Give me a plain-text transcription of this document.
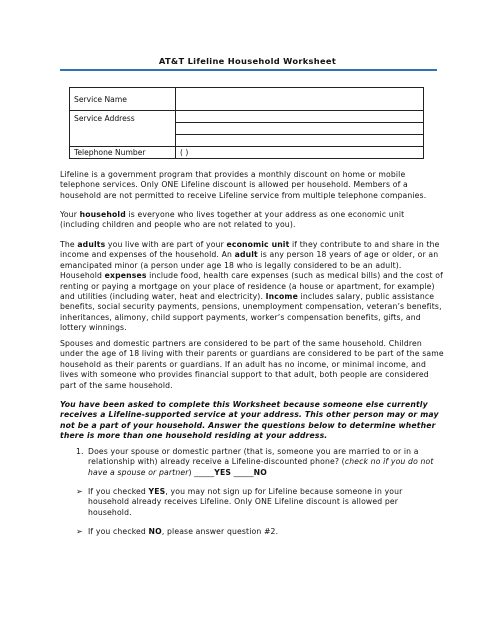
AT&T Lifeline Household Worksheet
Service Name	
Service Address	

Telephone Number	( )

Lifeline is a government program that provides a monthly discount on home or mobile telephone services. Only ONE Lifeline discount is allowed per household. Members of a household are not permitted to receive Lifeline service from multiple telephone companies.

Your household is everyone who lives together at your address as one economic unit (including children and people who are not related to you).

The adults you live with are part of your economic unit if they contribute to and share in the income and expenses of the household. An adult is any person 18 years of age or older, or an emancipated minor (a person under age 18 who is legally considered to be an adult). Household expenses include food, health care expenses (such as medical bills) and the cost of renting or paying a mortgage on your place of residence (a house or apartment, for example) and utilities (including water, heat and electricity). Income includes salary, public assistance benefits, social security payments, pensions, unemployment compensation, veteran’s benefits, inheritances, alimony, child support payments, worker’s compensation benefits, gifts, and lottery winnings.

Spouses and domestic partners are considered to be part of the same household. Children under the age of 18 living with their parents or guardians are considered to be part of the same household as their parents or guardians. If an adult has no income, or minimal income, and lives with someone who provides financial support to that adult, both people are considered part of the same household.

You have been asked to complete this Worksheet because someone else currently receives a Lifeline-supported service at your address. This other person may or may not be a part of your household. Answer the questions below to determine whether there is more than one household residing at your address.

1. Does your spouse or domestic partner (that is, someone you are married to or in a relationship with) already receive a Lifeline-discounted phone? (check no if you do not have a spouse or partner) _____YES _____NO
➢ If you checked YES, you may not sign up for Lifeline because someone in your household already receives Lifeline. Only ONE Lifeline discount is allowed per household.
➢ If you checked NO, please answer question #2.
